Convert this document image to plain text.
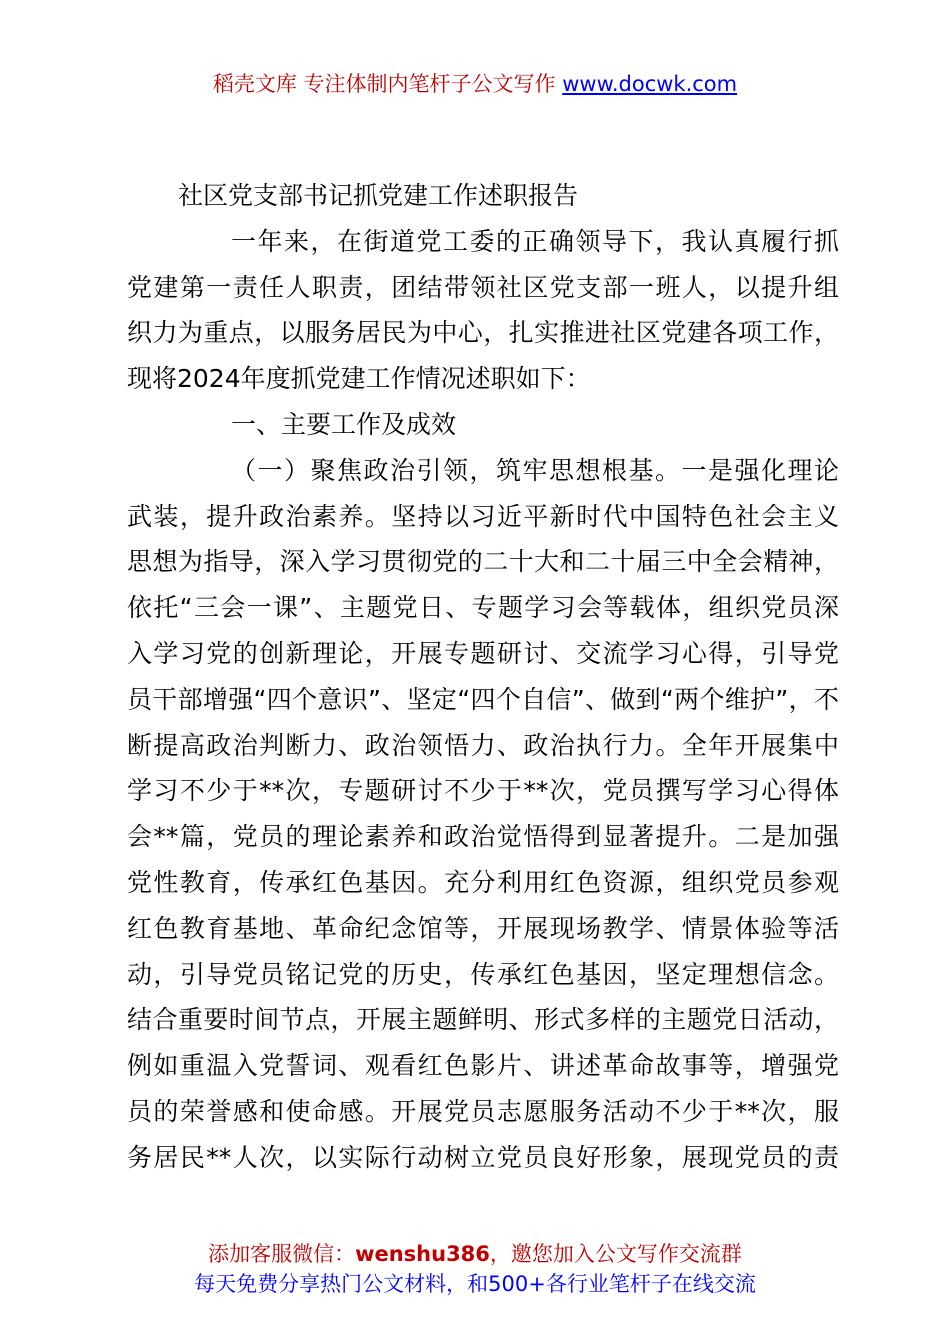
稻壳文库 专注体制内笔杆子公文写作 www.docwk.com
社区党支部书记抓党建工作述职报告
一年来，在街道党工委的正确领导下，我认真履行抓
党建第一责任人职责，团结带领社区党支部一班人，以提升组
织力为重点，以服务居民为中心，扎实推进社区党建各项工作，
现将2024年度抓党建工作情况述职如下：
一、主要工作及成效
（一）聚焦政治引领，筑牢思想根基。一是强化理论
武装，提升政治素养。坚持以习近平新时代中国特色社会主义
思想为指导，深入学习贯彻党的二十大和二十届三中全会精神，
依托“三会一课”、主题党日、专题学习会等载体，组织党员深
入学习党的创新理论，开展专题研讨、交流学习心得，引导党
员干部增强“四个意识”、坚定“四个自信”、做到“两个维护”，不
断提高政治判断力、政治领悟力、政治执行力。全年开展集中
学习不少于**次，专题研讨不少于**次，党员撰写学习心得体
会**篇，党员的理论素养和政治觉悟得到显著提升。二是加强
党性教育，传承红色基因。充分利用红色资源，组织党员参观
红色教育基地、革命纪念馆等，开展现场教学、情景体验等活
动，引导党员铭记党的历史，传承红色基因，坚定理想信念。
结合重要时间节点，开展主题鲜明、形式多样的主题党日活动，
例如重温入党誓词、观看红色影片、讲述革命故事等，增强党
员的荣誉感和使命感。开展党员志愿服务活动不少于**次，服
务居民**人次，以实际行动树立党员良好形象，展现党员的责
添加客服微信：wenshu386，邀您加入公文写作交流群
每天免费分享热门公文材料，和500+各行业笔杆子在线交流
